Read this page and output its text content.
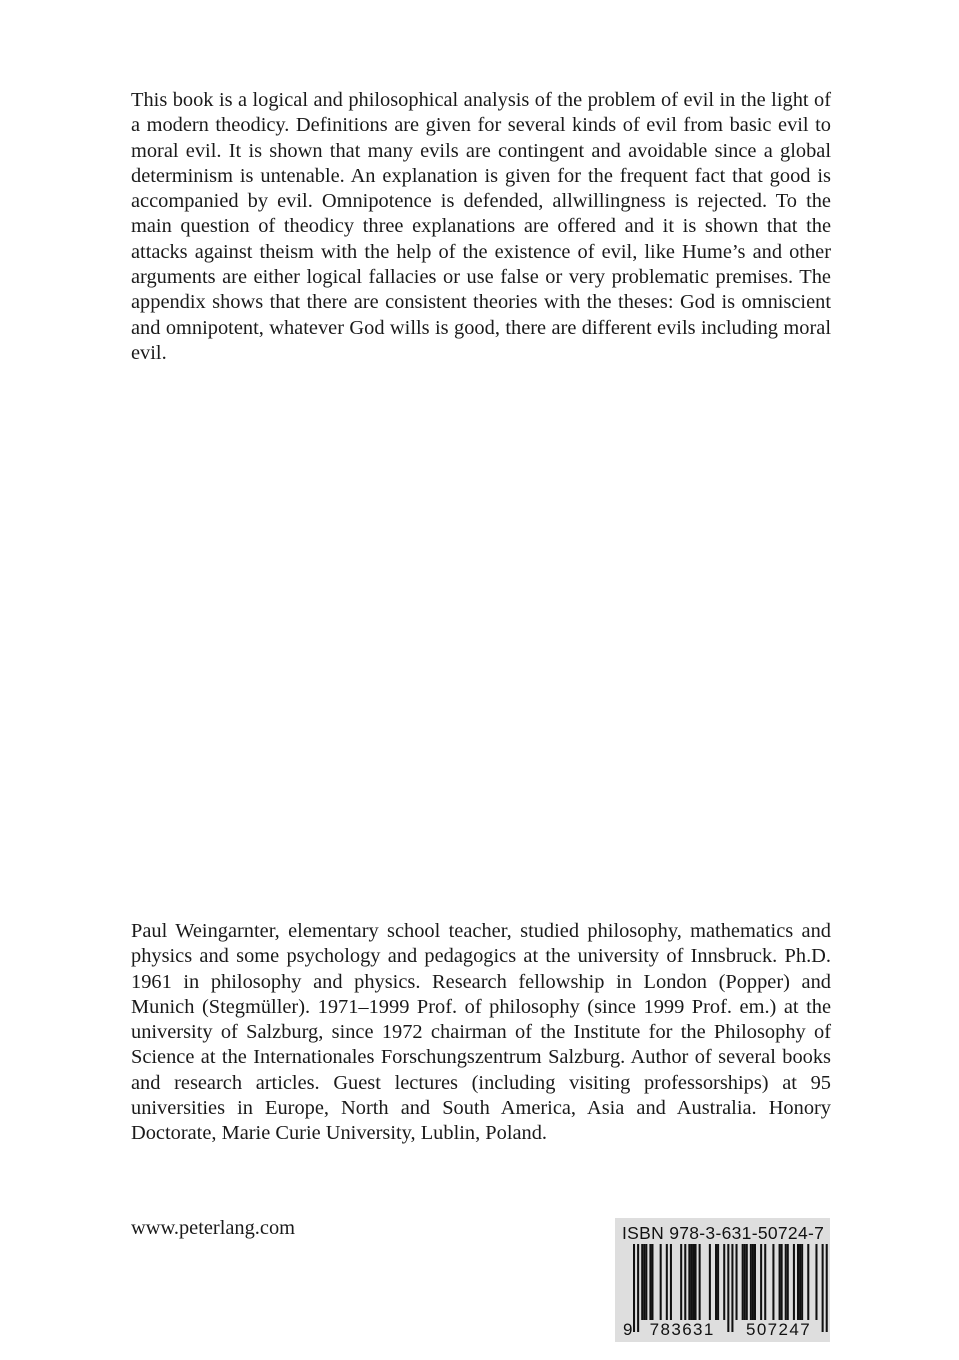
This book is a logical and philosophical analysis of the problem of evil in the light of a modern theodicy. Definitions are given for several kinds of evil from basic evil to moral evil. It is shown that many evils are contingent and avoidable since a global determinism is untenable. An explanation is given for the frequent fact that good is accompanied by evil. Omnipotence is defended, allwillingness is rejected. To the main question of theodicy three explanations are offered and it is shown that the attacks against theism with the help of the existence of evil, like Hume’s and other arguments are either logical fallacies or use false or very problematic premises. The appendix shows that there are consistent theories with the theses: God is omniscient and omnipotent, whatever God wills is good, there are different evils including moral evil.

Paul Weingarnter, elementary school teacher, studied philosophy, mathematics and physics and some psychology and pedagogics at the university of Innsbruck. Ph.D. 1961 in philosophy and physics. Research fellowship in London (Popper) and Munich (Stegmüller). 1971–1999 Prof. of philosophy (since 1999 Prof. em.) at the university of Salzburg, since 1972 chairman of the Institute for the Philosophy of Science at the Internationales Forschungszentrum Salzburg. Author of several books and research articles. Guest lectures (including visiting professorships) at 95 universities in Europe, North and South America, Asia and Australia. Honory Doctorate, Marie Curie University, Lublin, Poland.

www.peterlang.com	ISBN 978-3-631-50724-7
9 783631 507247
